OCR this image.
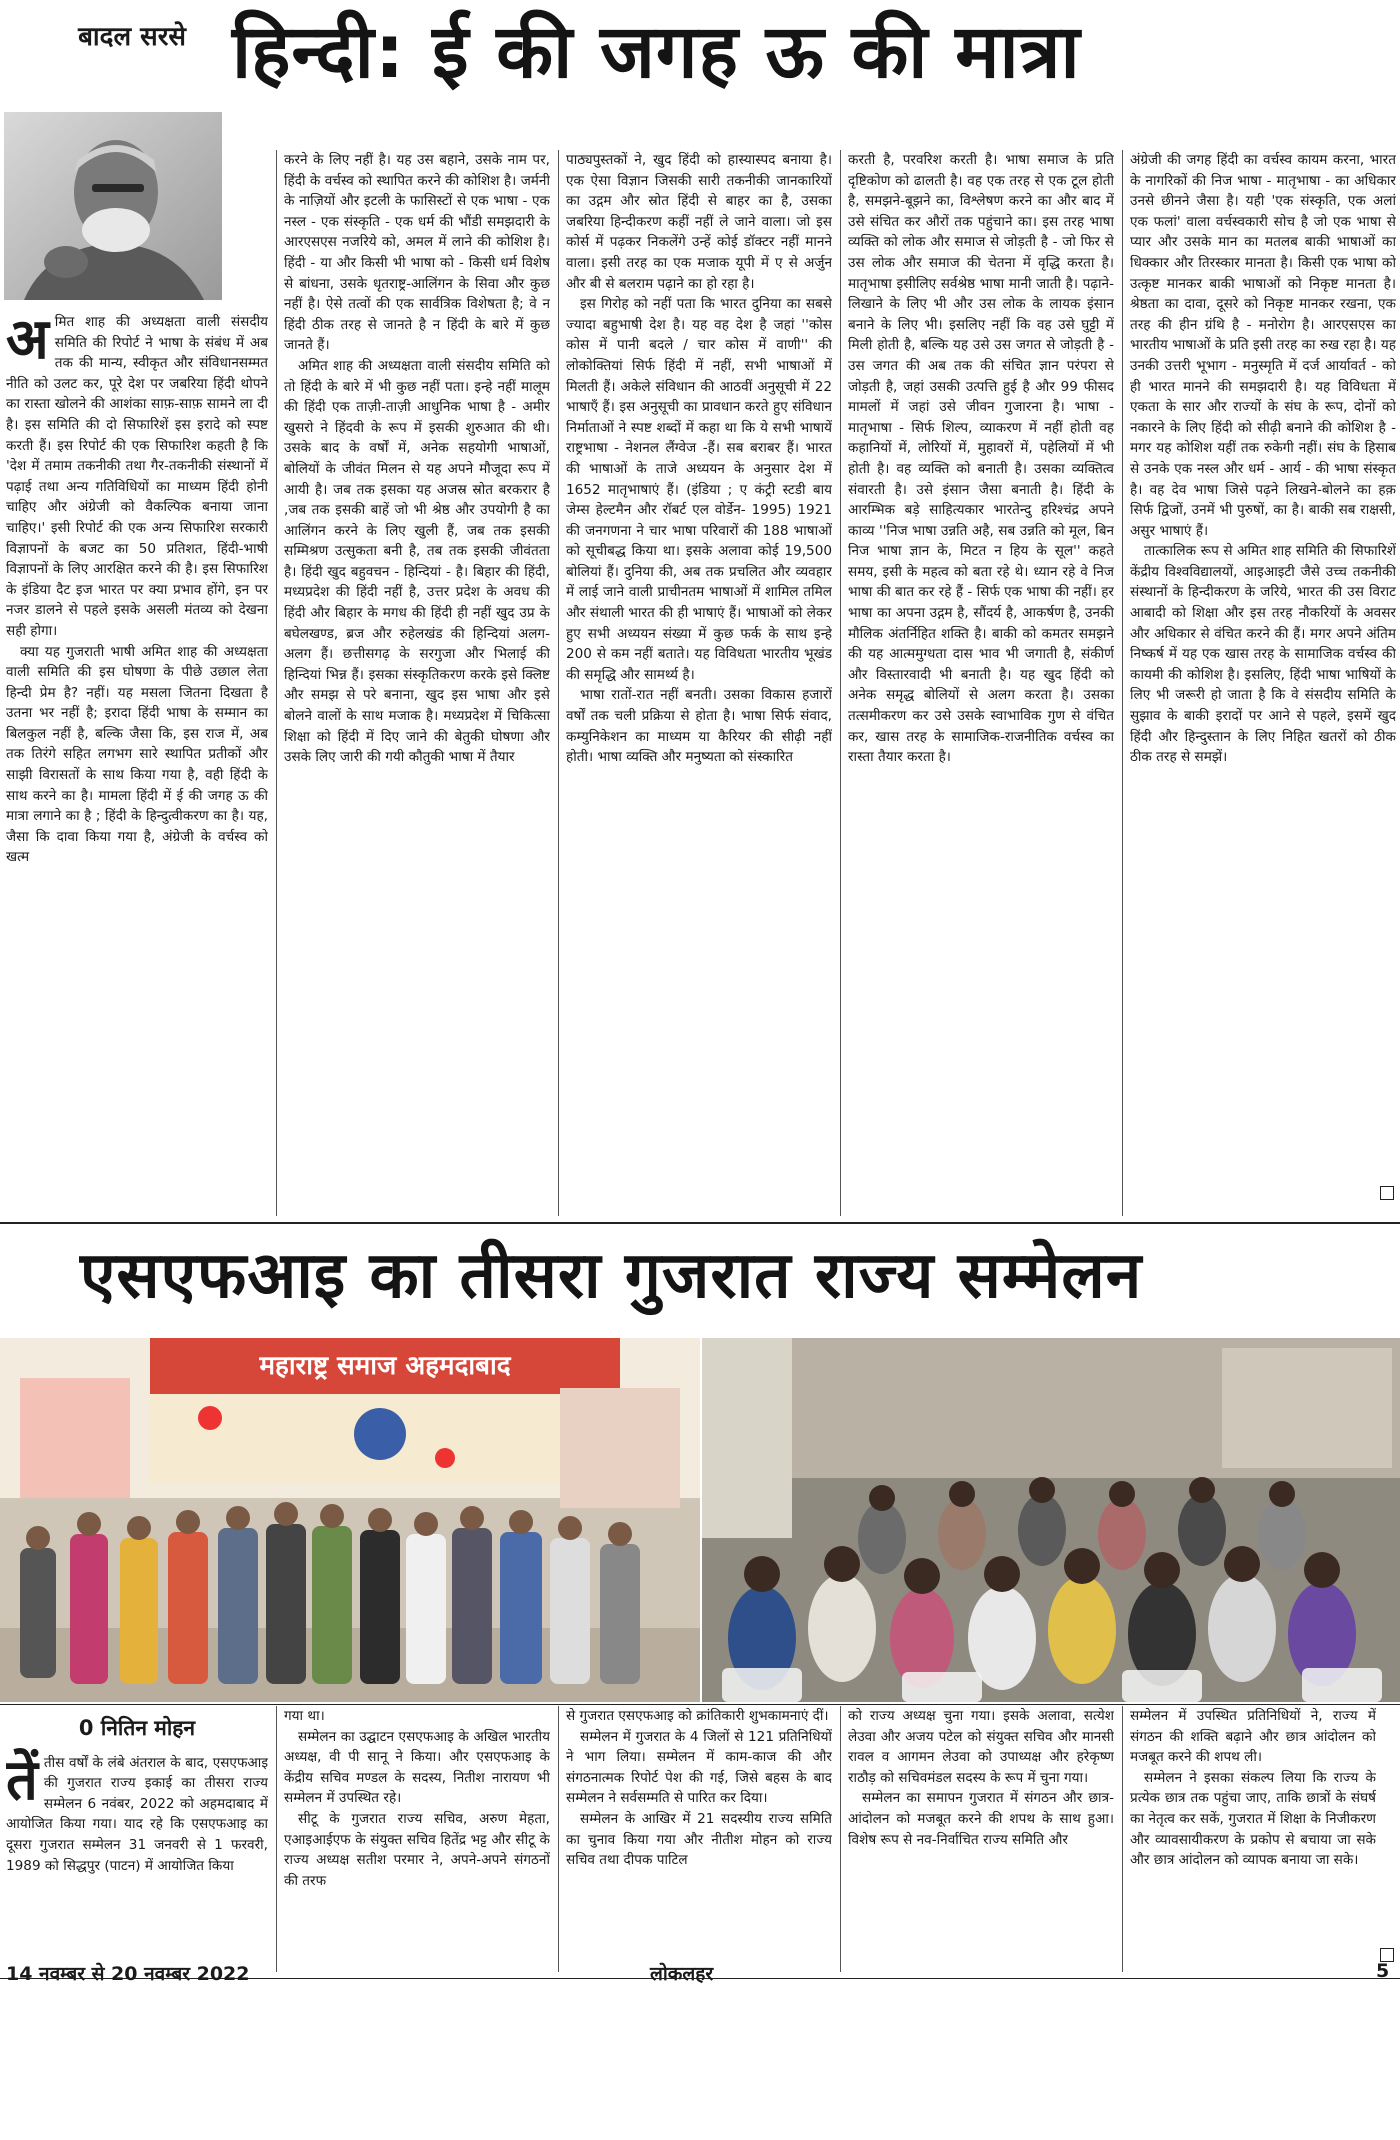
बादल सरसे हिन्दी: ई की जगह ऊ की मात्रा
अ मित शाह की अध्यक्षता वाली संसदीय समिति की रिपोर्ट ने भाषा के संबंध में अब तक की मान्य, स्वीकृत और संविधानसम्मत नीति को उलट कर, पूरे देश पर जबरिया हिंदी थोपने का रास्ता खोलने की आशंका साफ़-साफ़ सामने ला दी है। इस समिति की दो सिफारिशें इस इरादे को स्पष्ट करती हैं। इस रिपोर्ट की एक सिफारिश कहती है कि 'देश में तमाम तकनीकी तथा गैर-तकनीकी संस्थानों में पढ़ाई तथा अन्य गतिविधियों का माध्यम हिंदी होनी चाहिए और अंग्रेजी को वैकल्पिक बनाया जाना चाहिए।' इसी रिपोर्ट की एक अन्य सिफारिश सरकारी विज्ञापनों के बजट का 50 प्रतिशत, हिंदी-भाषी विज्ञापनों के लिए आरक्षित करने की है। इस सिफारिश के इंडिया दैट इज भारत पर क्या प्रभाव होंगे, इन पर नजर डालने से पहले इसके असली मंतव्य को देखना सही होगा।

क्या यह गुजराती भाषी अमित शाह की अध्यक्षता वाली समिति की इस घोषणा के पीछे उछाल लेता हिन्दी प्रेम है? नहीं। यह मसला जितना दिखता है उतना भर नहीं है; इरादा हिंदी भाषा के सम्मान का बिलकुल नहीं है, बल्कि जैसा कि, इस राज में, अब तक तिरंगे सहित लगभग सारे स्थापित प्रतीकों और साझी विरासतों के साथ किया गया है, वही हिंदी के साथ करने का है। मामला हिंदी में ई की जगह ऊ की मात्रा लगाने का है ; हिंदी के हिन्दुत्वीकरण का है। यह, जैसा कि दावा किया गया है, अंग्रेजी के वर्चस्व को खत्म

करने के लिए नहीं है। यह उस बहाने, उसके नाम पर, हिंदी के वर्चस्व को स्थापित करने की कोशिश है। जर्मनी के नाज़ियों और इटली के फासिस्टों से एक भाषा - एक नस्ल - एक संस्कृति - एक धर्म की भौंडी समझदारी के आरएसएस नजरिये को, अमल में लाने की कोशिश है। हिंदी - या और किसी भी भाषा को - किसी धर्म विशेष से बांधना, उसके धृतराष्ट्र-आलिंगन के सिवा और कुछ नहीं है। ऐसे तत्वों की एक सार्वत्रिक विशेषता है; वे न हिंदी ठीक तरह से जानते है न हिंदी के बारे में कुछ जानते हैं।

अमित शाह की अध्यक्षता वाली संसदीय समिति को तो हिंदी के बारे में भी कुछ नहीं पता। इन्हे नहीं मालूम की हिंदी एक ताज़ी-ताज़ी आधुनिक भाषा है - अमीर खुसरो ने हिंदवी के रूप में इसकी शुरुआत की थी। उसके बाद के वर्षों में, अनेक सहयोगी भाषाओं, बोलियों के जीवंत मिलन से यह अपने मौजूदा रूप में आयी है। जब तक इसका यह अजस्र स्रोत बरकरार है ,जब तक इसकी बाहें जो भी श्रेष्ठ और उपयोगी है का आलिंगन करने के लिए खुली हैं, जब तक इसकी सम्मिश्रण उत्सुकता बनी है, तब तक इसकी जीवंतता है। हिंदी खुद बहुवचन - हिन्दियां - है। बिहार की हिंदी, मध्यप्रदेश की हिंदी नहीं है, उत्तर प्रदेश के अवध की हिंदी और बिहार के मगध की हिंदी ही नहीं खुद उप्र के बघेलखण्ड, ब्रज और रुहेलखंड की हिन्दियां अलग-अलग हैं। छत्तीसगढ़ के सरगुजा और भिलाई की हिन्दियां भिन्न हैं। इसका संस्कृतिकरण करके इसे क्लिष्ट और समझ से परे बनाना, खुद इस भाषा और इसे बोलने वालों के साथ मजाक है। मध्यप्रदेश में चिकित्सा शिक्षा को हिंदी में दिए जाने की बेतुकी घोषणा और उसके लिए जारी की गयी कौतुकी भाषा में तैयार

पाठ्यपुस्तकों ने, खुद हिंदी को हास्यास्पद बनाया है। एक ऐसा विज्ञान जिसकी सारी तकनीकी जानकारियों का उद्गम और स्रोत हिंदी से बाहर का है, उसका जबरिया हिन्दीकरण कहीं नहीं ले जाने वाला। जो इस कोर्स में पढ़कर निकलेंगे उन्हें कोई डॉक्टर नहीं मानने वाला। इसी तरह का एक मजाक यूपी में ए से अर्जुन और बी से बलराम पढ़ाने का हो रहा है।

इस गिरोह को नहीं पता कि भारत दुनिया का सबसे ज्यादा बहुभाषी देश है। यह वह देश है जहां ''कोस कोस में पानी बदले / चार कोस में वाणी'' की लोकोक्तियां सिर्फ हिंदी में नहीं, सभी भाषाओं में मिलती हैं। अकेले संविधान की आठवीं अनुसूची में 22 भाषाएँ हैं। इस अनुसूची का प्रावधान करते हुए संविधान निर्माताओं ने स्पष्ट शब्दों में कहा था कि ये सभी भाषायें राष्ट्रभाषा - नेशनल लैंग्वेज -हैं। सब बराबर हैं। भारत की भाषाओं के ताजे अध्ययन के अनुसार देश में 1652 मातृभाषाएं हैं। (इंडिया ; ए कंट्री स्टडी बाय जेम्स हेल्टमैन और रॉबर्ट एल वोर्डेन- 1995) 1921 की जनगणना ने चार भाषा परिवारों की 188 भाषाओं को सूचीबद्ध किया था। इसके अलावा कोई 19,500 बोलियां हैं। दुनिया की, अब तक प्रचलित और व्यवहार में लाई जाने वाली प्राचीनतम भाषाओं में शामिल तमिल और संथाली भारत की ही भाषाएं हैं। भाषाओं को लेकर हुए सभी अध्ययन संख्या में कुछ फर्क के साथ इन्हे 200 से कम नहीं बताते। यह विविधता भारतीय भूखंड की समृद्धि और सामर्थ्य है।

भाषा रातों-रात नहीं बनती। उसका विकास हजारों वर्षों तक चली प्रक्रिया से होता है। भाषा सिर्फ संवाद, कम्युनिकेशन का माध्यम या कैरियर की सीढ़ी नहीं होती। भाषा व्यक्ति और मनुष्यता को संस्कारित

करती है, परवरिश करती है। भाषा समाज के प्रति दृष्टिकोण को ढालती है। वह एक तरह से एक टूल होती है, समझने-बूझने का, विश्लेषण करने का और बाद में उसे संचित कर औरों तक पहुंचाने का। इस तरह भाषा व्यक्ति को लोक और समाज से जोड़ती है - जो फिर से उस लोक और समाज की चेतना में वृद्धि करता है। मातृभाषा इसीलिए सर्वश्रेष्ठ भाषा मानी जाती है। पढ़ाने-लिखाने के लिए भी और उस लोक के लायक इंसान बनाने के लिए भी। इसलिए नहीं कि वह उसे घुट्टी में मिली होती है, बल्कि यह उसे उस जगत से जोड़ती है - उस जगत की अब तक की संचित ज्ञान परंपरा से जोड़ती है, जहां उसकी उत्पत्ति हुई है और 99 फीसद मामलों में जहां उसे जीवन गुजारना है। भाषा - मातृभाषा - सिर्फ शिल्प, व्याकरण में नहीं होती वह कहानियों में, लोरियों में, मुहावरों में, पहेलियों में भी होती है। वह व्यक्ति को बनाती है। उसका व्यक्तित्व संवारती है। उसे इंसान जैसा बनाती है। हिंदी के आरम्भिक बड़े साहित्यकार भारतेन्दु हरिश्चंद्र अपने काव्य ''निज भाषा उन्नति अहै, सब उन्नति को मूल, बिन निज भाषा ज्ञान के, मिटत न हिय के सूल'' कहते समय, इसी के महत्व को बता रहे थे। ध्यान रहे वे निज भाषा की बात कर रहे हैं - सिर्फ एक भाषा की नहीं। हर भाषा का अपना उद्गम है, सौंदर्य है, आकर्षण है, उनकी मौलिक अंतर्निहित शक्ति है। बाकी को कमतर समझने की यह आत्ममुग्धता दास भाव भी जगाती है, संकीर्ण और विस्तारवादी भी बनाती है। यह खुद हिंदी को अनेक समृद्ध बोलियों से अलग करता है। उसका तत्समीकरण कर उसे उसके स्वाभाविक गुण से वंचित कर, खास तरह के सामाजिक-राजनीतिक वर्चस्व का रास्ता तैयार करता है।

अंग्रेजी की जगह हिंदी का वर्चस्व कायम करना, भारत के नागरिकों की निज भाषा - मातृभाषा - का अधिकार उनसे छीनने जैसा है। यही 'एक संस्कृति, एक अलां एक फलां' वाला वर्चस्वकारी सोच है जो एक भाषा से प्यार और उसके मान का मतलब बाकी भाषाओं का धिक्कार और तिरस्कार मानता है। किसी एक भाषा को उत्कृष्ट मानकर बाकी भाषाओं को निकृष्ट मानता है। श्रेष्ठता का दावा, दूसरे को निकृष्ट मानकर रखना, एक तरह की हीन ग्रंथि है - मनोरोग है। आरएसएस का भारतीय भाषाओं के प्रति इसी तरह का रुख रहा है। यह उनकी उत्तरी भूभाग - मनुस्मृति में दर्ज आर्यावर्त - को ही भारत मानने की समझदारी है। यह विविधता में एकता के सार और राज्यों के संघ के रूप, दोनों को नकारने के लिए हिंदी को सीढ़ी बनाने की कोशिश है - मगर यह कोशिश यहीं तक रुकेगी नहीं। संघ के हिसाब से उनके एक नस्ल और धर्म - आर्य - की भाषा संस्कृत है। वह देव भाषा जिसे पढ़ने लिखने-बोलने का हक़ सिर्फ द्विजों, उनमें भी पुरुषों, का है। बाकी सब राक्षसी, असुर भाषाएं हैं।

तात्कालिक रूप से अमित शाह समिति की सिफारिशें केंद्रीय विश्वविद्यालयों, आइआइटी जैसे उच्च तकनीकी संस्थानों के हिन्दीकरण के जरिये, भारत की उस विराट आबादी को शिक्षा और इस तरह नौकरियों के अवसर और अधिकार से वंचित करने की हैं। मगर अपने अंतिम निष्कर्ष में यह एक खास तरह के सामाजिक वर्चस्व की कायमी की कोशिश है। इसलिए, हिंदी भाषा भाषियों के लिए भी जरूरी हो जाता है कि वे संसदीय समिति के सुझाव के बाकी इरादों पर आने से पहले, इसमें खुद हिंदी और हिन्दुस्तान के लिए निहित खतरों को ठीक ठीक तरह से समझें।

एसएफआइ का तीसरा गुजरात राज्य सम्मेलन
महाराष्ट्र समाज अहमदाबाद
0 नितिन मोहन
तें तीस वर्षों के लंबे अंतराल के बाद, एसएफआइ की गुजरात राज्य इकाई का तीसरा राज्य सम्मेलन 6 नवंबर, 2022 को अहमदाबाद में आयोजित किया गया। याद रहे कि एसएफआइ का दूसरा गुजरात सम्मेलन 31 जनवरी से 1 फरवरी, 1989 को सिद्धपुर (पाटन) में आयोजित किया

गया था।

सम्मेलन का उद्घाटन एसएफआइ के अखिल भारतीय अध्यक्ष, वी पी सानू ने किया। और एसएफआइ के केंद्रीय सचिव मण्डल के सदस्य, नितीश नारायण भी सम्मेलन में उपस्थित रहे।

सीटू के गुजरात राज्य सचिव, अरुण मेहता, एआइआईएफ के संयुक्त सचिव हितेंद्र भट्ट और सीटू के राज्य अध्यक्ष सतीश परमार ने, अपने-अपने संगठनों की तरफ

से गुजरात एसएफआइ को क्रांतिकारी शुभकामनाएं दीं।

सम्मेलन में गुजरात के 4 जिलों से 121 प्रतिनिधियों ने भाग लिया। सम्मेलन में काम-काज की और संगठनात्मक रिपोर्ट पेश की गई, जिसे बहस के बाद सम्मेलन ने सर्वसम्मति से पारित कर दिया।

सम्मेलन के आखिर में 21 सदस्यीय राज्य समिति का चुनाव किया गया और नीतीश मोहन को राज्य सचिव तथा दीपक पाटिल

को राज्य अध्यक्ष चुना गया। इसके अलावा, सत्येश लेउवा और अजय पटेल को संयुक्त सचिव और मानसी रावल व आगमन लेउवा को उपाध्यक्ष और हरेकृष्ण राठौड़ को सचिवमंडल सदस्य के रूप में चुना गया।

सम्मेलन का समापन गुजरात में संगठन और छात्र-आंदोलन को मजबूत करने की शपथ के साथ हुआ। विशेष रूप से नव-निर्वाचित राज्य समिति और

सम्मेलन में उपस्थित प्रतिनिधियों ने, राज्य में संगठन की शक्ति बढ़ाने और छात्र आंदोलन को मजबूत करने की शपथ ली।

सम्मेलन ने इसका संकल्प लिया कि राज्य के प्रत्येक छात्र तक पहुंचा जाए, ताकि छात्रों के संघर्ष का नेतृत्व कर सकें, गुजरात में शिक्षा के निजीकरण और व्यावसायीकरण के प्रकोप से बचाया जा सके और छात्र आंदोलन को व्यापक बनाया जा सके।

14 नवम्बर से 20 नवम्बर 2022	लोकलहर	5
